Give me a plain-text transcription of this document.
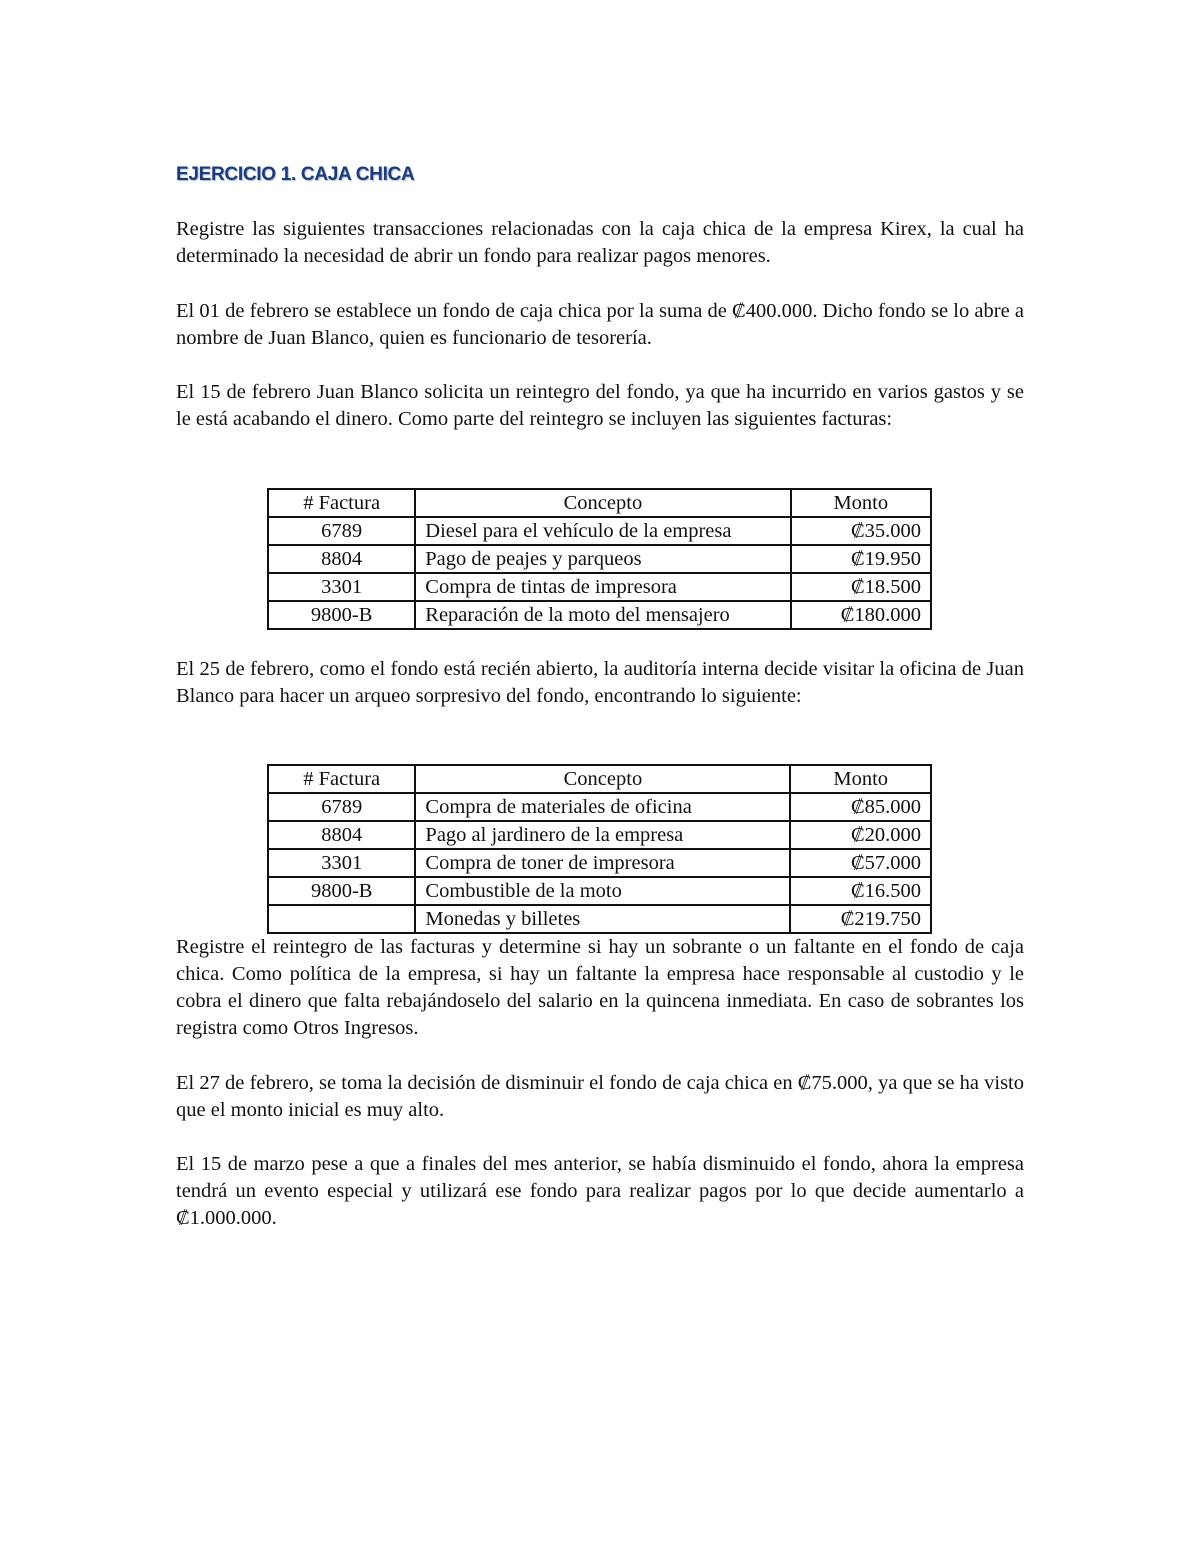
EJERCICIO 1. CAJA CHICA

Registre las siguientes transacciones relacionadas con la caja chica de la empresa Kirex, la cual ha determinado la necesidad de abrir un fondo para realizar pagos menores.

El 01 de febrero se establece un fondo de caja chica por la suma de ₡400.000. Dicho fondo se lo abre a nombre de Juan Blanco, quien es funcionario de tesorería.

El 15 de febrero Juan Blanco solicita un reintegro del fondo, ya que ha incurrido en varios gastos y se le está acabando el dinero. Como parte del reintegro se incluyen las siguientes facturas:

# Factura	Concepto	Monto
6789	Diesel para el vehículo de la empresa	₡35.000
8804	Pago de peajes y parqueos	₡19.950
3301	Compra de tintas de impresora	₡18.500
9800-B	Reparación de la moto del mensajero	₡180.000

El 25 de febrero, como el fondo está recién abierto, la auditoría interna decide visitar la oficina de Juan Blanco para hacer un arqueo sorpresivo del fondo, encontrando lo siguiente:

# Factura	Concepto	Monto
6789	Compra de materiales de oficina	₡85.000
8804	Pago al jardinero de la empresa	₡20.000
3301	Compra de toner de impresora	₡57.000
9800-B	Combustible de la moto	₡16.500
	Monedas y billetes	₡219.750

Registre el reintegro de las facturas y determine si hay un sobrante o un faltante en el fondo de caja chica. Como política de la empresa, si hay un faltante la empresa hace responsable al custodio y le cobra el dinero que falta rebajándoselo del salario en la quincena inmediata. En caso de sobrantes los registra como Otros Ingresos.

El 27 de febrero, se toma la decisión de disminuir el fondo de caja chica en ₡75.000, ya que se ha visto que el monto inicial es muy alto.

El 15 de marzo pese a que a finales del mes anterior, se había disminuido el fondo, ahora la empresa tendrá un evento especial y utilizará ese fondo para realizar pagos por lo que decide aumentarlo a ₡1.000.000.
